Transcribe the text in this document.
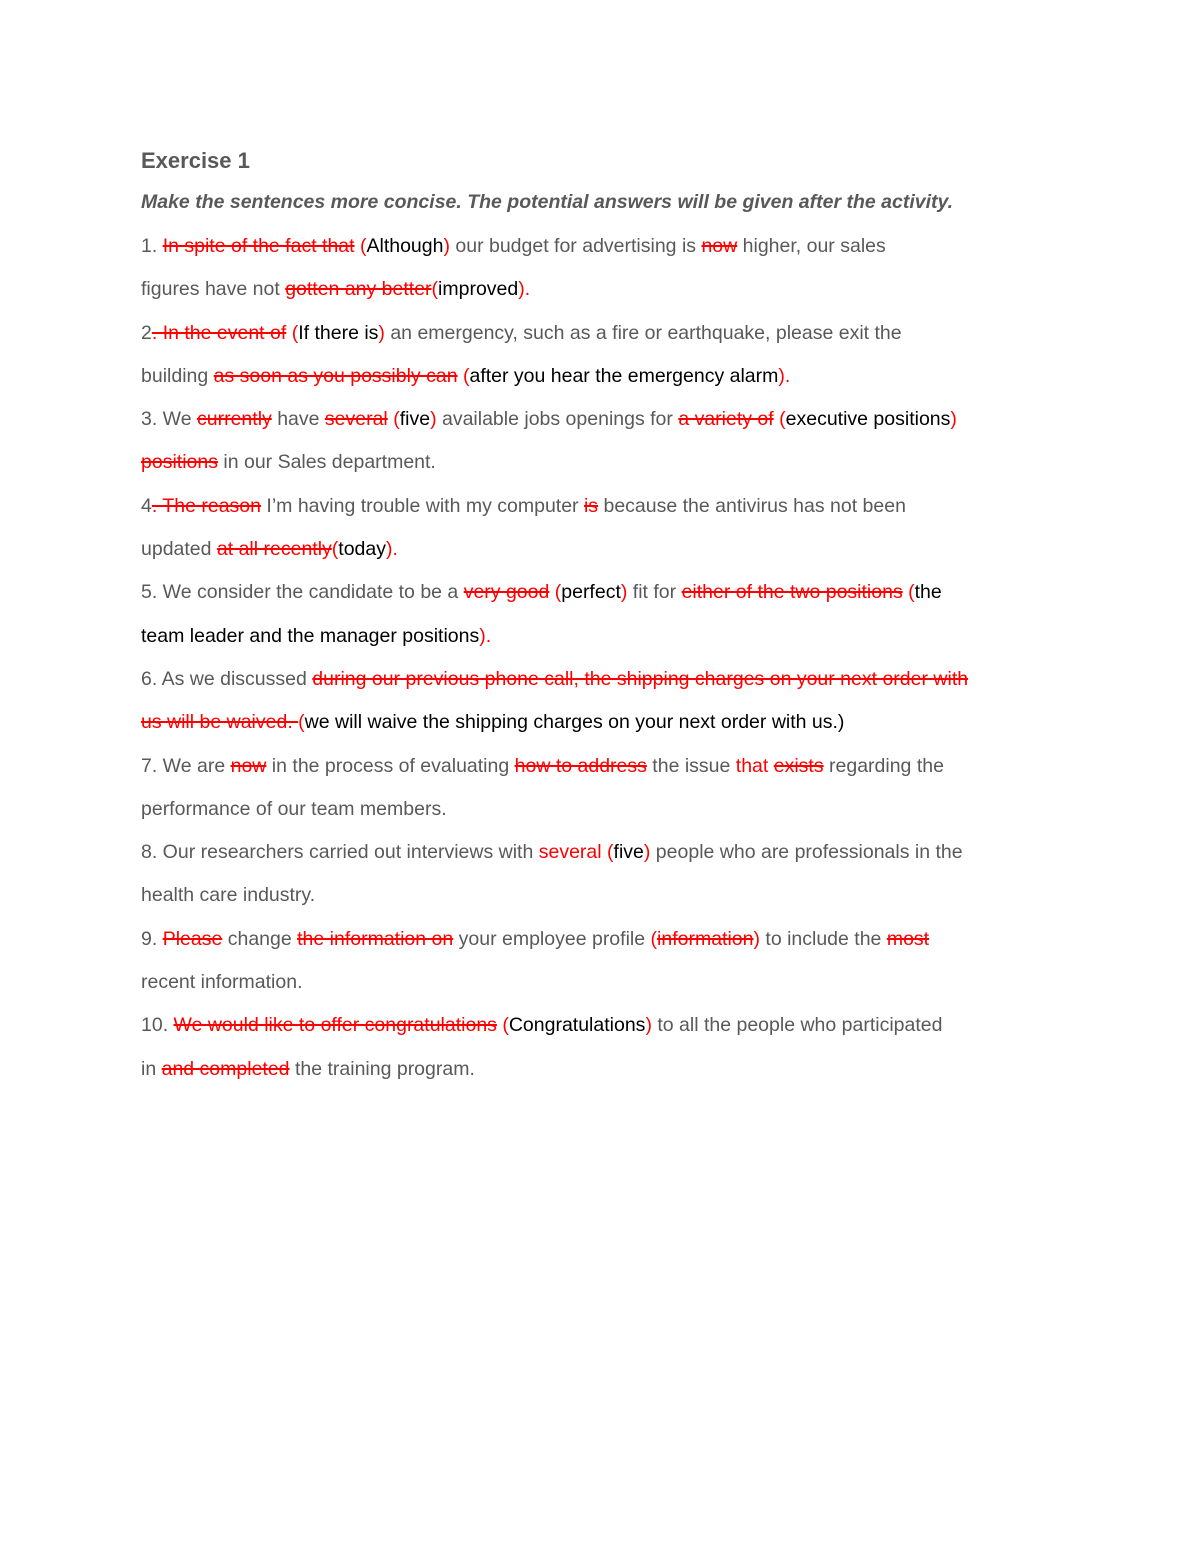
Exercise 1
Make the sentences more concise. The potential answers will be given after the activity.
1. In spite of the fact that (Although) our budget for advertising is now higher, our sales
figures have not gotten any better(improved).
2. In the event of (If there is) an emergency, such as a fire or earthquake, please exit the
building as soon as you possibly can (after you hear the emergency alarm).
3. We currently have several (five) available jobs openings for a variety of (executive positions)
positions in our Sales department.
4. The reason I’m having trouble with my computer is because the antivirus has not been
updated at all recently(today).
5. We consider the candidate to be a very good (perfect) fit for either of the two positions (the
team leader and the manager positions).
6. As we discussed during our previous phone call, the shipping charges on your next order with
us will be waived. (we will waive the shipping charges on your next order with us.)
7. We are now in the process of evaluating how to address the issue that exists regarding the
performance of our team members.
8. Our researchers carried out interviews with several (five) people who are professionals in the
health care industry.
9. Please change the information on your employee profile (information) to include the most
recent information.
10. We would like to offer congratulations (Congratulations) to all the people who participated
in and completed the training program.
